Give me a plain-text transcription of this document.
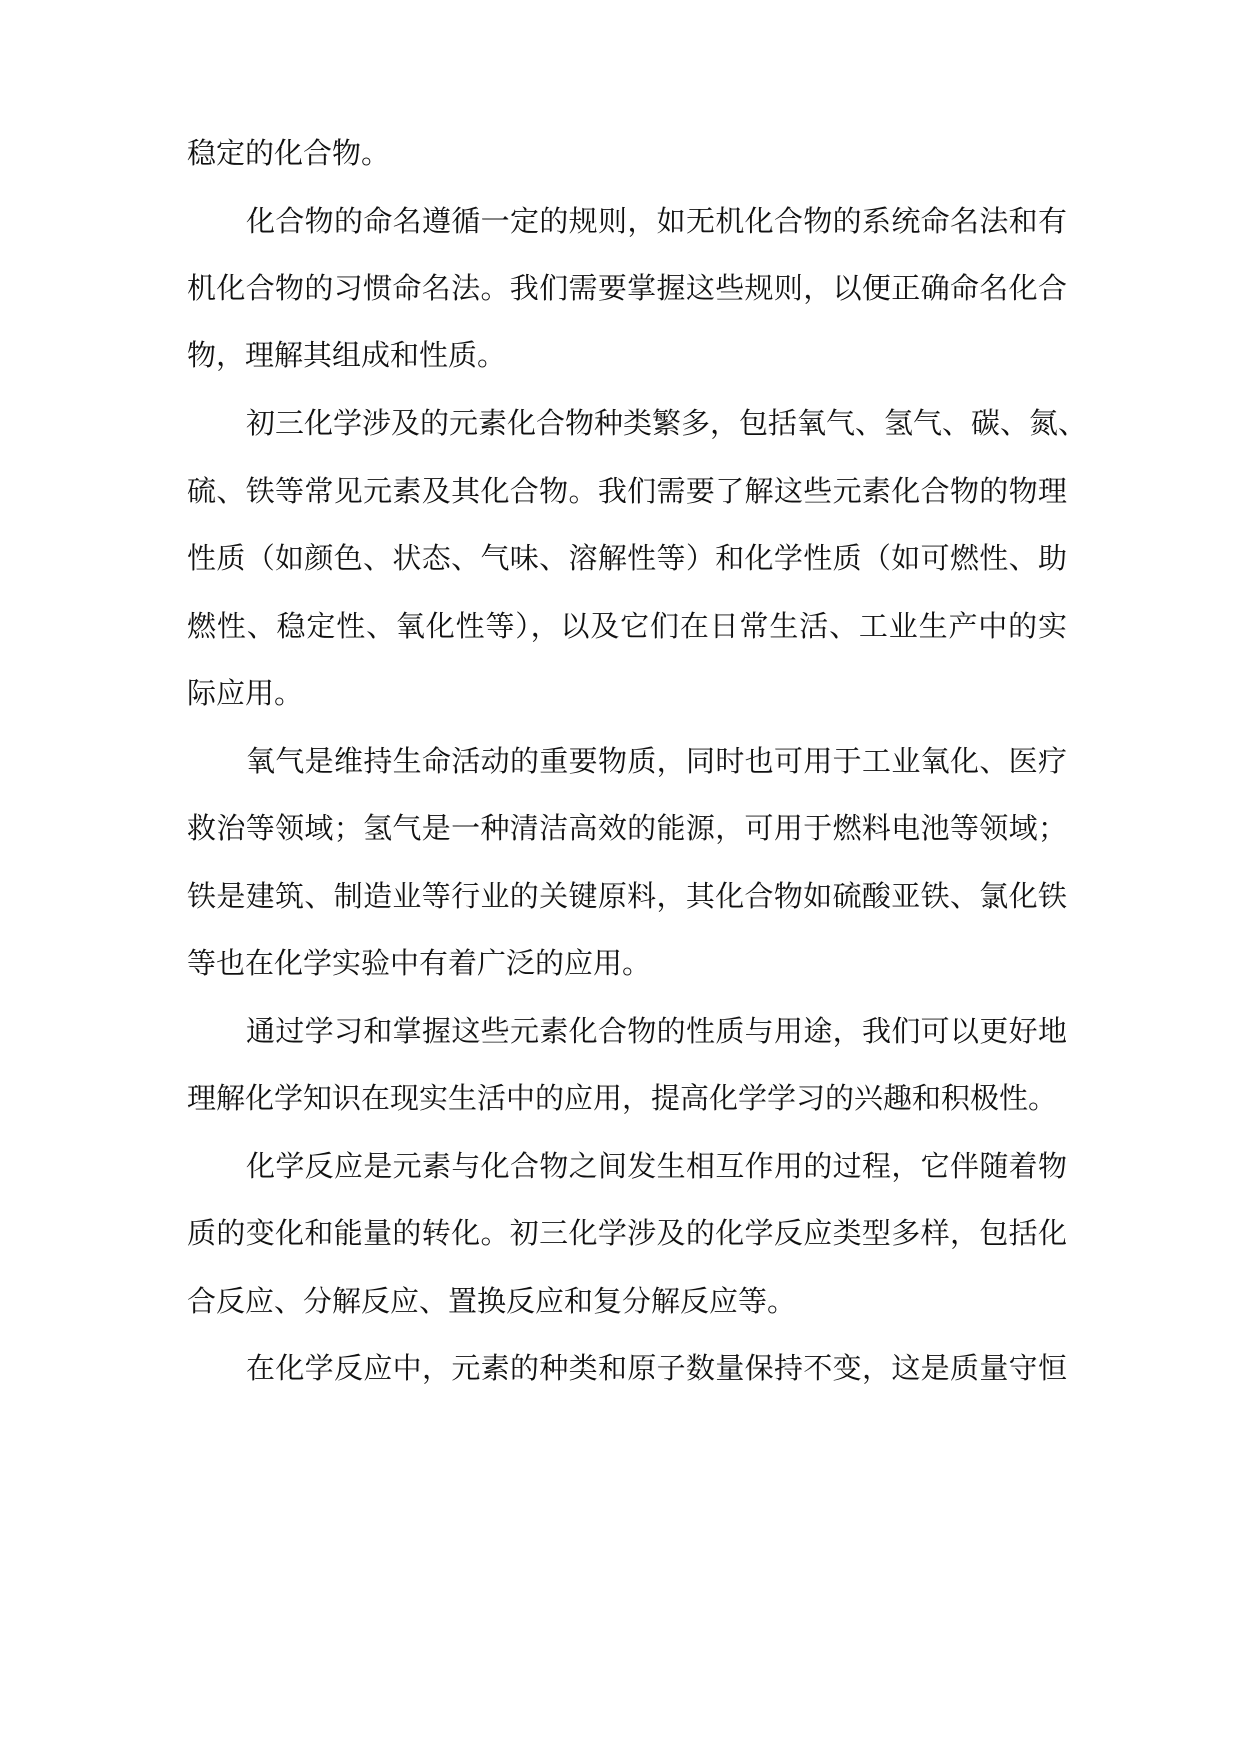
稳定的化合物。
化合物的命名遵循一定的规则，如无机化合物的系统命名法和有
机化合物的习惯命名法。我们需要掌握这些规则，以便正确命名化合
物，理解其组成和性质。
初三化学涉及的元素化合物种类繁多，包括氧气、氢气、碳、氮、
硫、铁等常见元素及其化合物。我们需要了解这些元素化合物的物理
性质（如颜色、状态、气味、溶解性等）和化学性质（如可燃性、助
燃性、稳定性、氧化性等），以及它们在日常生活、工业生产中的实
际应用。
氧气是维持生命活动的重要物质，同时也可用于工业氧化、医疗
救治等领域；氢气是一种清洁高效的能源，可用于燃料电池等领域；
铁是建筑、制造业等行业的关键原料，其化合物如硫酸亚铁、氯化铁
等也在化学实验中有着广泛的应用。
通过学习和掌握这些元素化合物的性质与用途，我们可以更好地
理解化学知识在现实生活中的应用，提高化学学习的兴趣和积极性。
化学反应是元素与化合物之间发生相互作用的过程，它伴随着物
质的变化和能量的转化。初三化学涉及的化学反应类型多样，包括化
合反应、分解反应、置换反应和复分解反应等。
在化学反应中，元素的种类和原子数量保持不变，这是质量守恒
